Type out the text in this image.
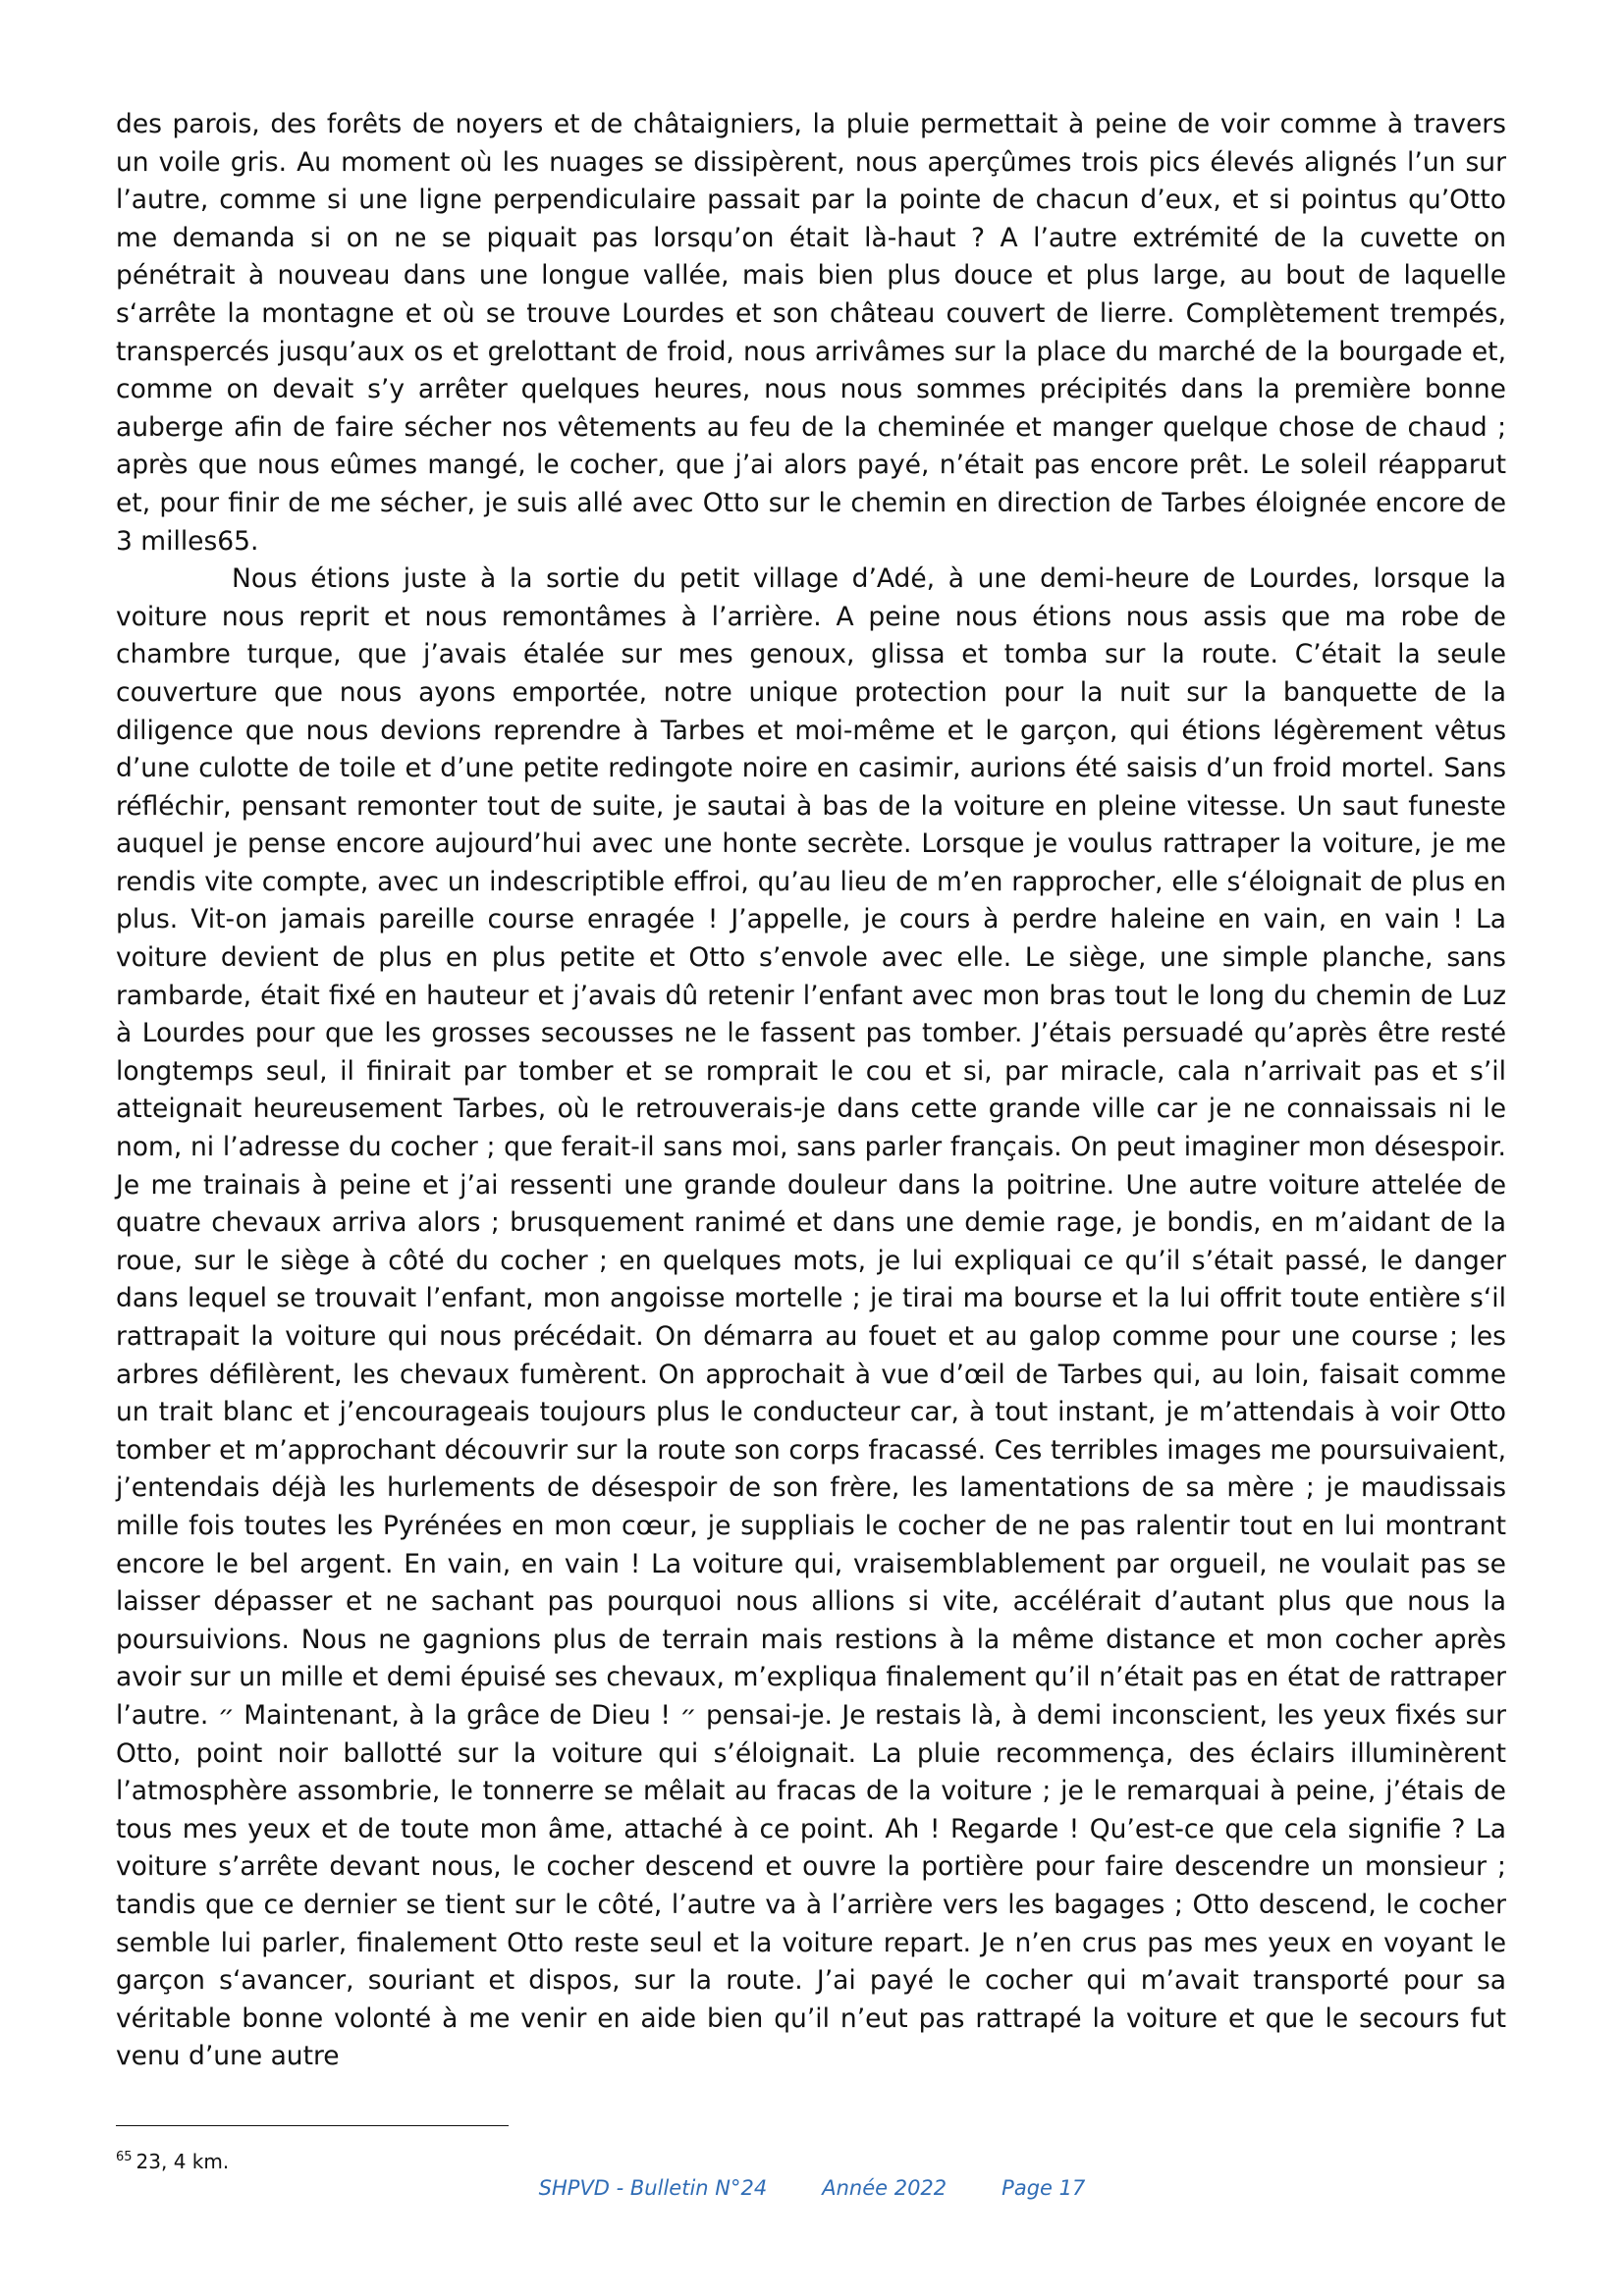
des parois, des forêts de noyers et de châtaigniers, la pluie permettait à peine de voir comme à travers un voile gris. Au moment où les nuages se dissipèrent, nous aperçûmes trois pics élevés alignés l’un sur l’autre, comme si une ligne perpendiculaire passait par la pointe de chacun d’eux, et si pointus qu’Otto me demanda si on ne se piquait pas lorsqu’on était là-haut ? A l’autre extrémité de la cuvette on pénétrait à nouveau dans une longue vallée, mais bien plus douce et plus large, au bout de laquelle s‘arrête la montagne et où se trouve Lourdes et son château couvert de lierre. Complètement trempés, transpercés jusqu’aux os et grelottant de froid, nous arrivâmes sur la place du marché de la bourgade et, comme on devait s’y arrêter quelques heures, nous nous sommes précipités dans la première bonne auberge afin de faire sécher nos vêtements au feu de la cheminée et manger quelque chose de chaud ; après que nous eûmes mangé, le cocher, que j’ai alors payé, n’était pas encore prêt. Le soleil réapparut et, pour finir de me sécher, je suis allé avec Otto sur le chemin en direction de Tarbes éloignée encore de 3 milles65.

Nous étions juste à la sortie du petit village d’Adé, à une demi-heure de Lourdes, lorsque la voiture nous reprit et nous remontâmes à l’arrière. A peine nous étions nous assis que ma robe de chambre turque, que j’avais étalée sur mes genoux, glissa et tomba sur la route. C’était la seule couverture que nous ayons emportée, notre unique protection pour la nuit sur la banquette de la diligence que nous devions reprendre à Tarbes et moi-même et le garçon, qui étions légèrement vêtus d’une culotte de toile et d’une petite redingote noire en casimir, aurions été saisis d’un froid mortel. Sans réfléchir, pensant remonter tout de suite, je sautai à bas de la voiture en pleine vitesse. Un saut funeste auquel je pense encore aujourd’hui avec une honte secrète. Lorsque je voulus rattraper la voiture, je me rendis vite compte, avec un indescriptible effroi, qu’au lieu de m’en rapprocher, elle s‘éloignait de plus en plus. Vit-on jamais pareille course enragée ! J’appelle, je cours à perdre haleine en vain, en vain ! La voiture devient de plus en plus petite et Otto s’envole avec elle. Le siège, une simple planche, sans rambarde, était fixé en hauteur et j’avais dû retenir l’enfant avec mon bras tout le long du chemin de Luz à Lourdes pour que les grosses secousses ne le fassent pas tomber. J’étais persuadé qu’après être resté longtemps seul, il finirait par tomber et se romprait le cou et si, par miracle, cala n’arrivait pas et s’il atteignait heureusement Tarbes, où le retrouverais-je dans cette grande ville car je ne connaissais ni le nom, ni l’adresse du cocher ; que ferait-il sans moi, sans parler français. On peut imaginer mon désespoir. Je me trainais à peine et j’ai ressenti une grande douleur dans la poitrine. Une autre voiture attelée de quatre chevaux arriva alors ; brusquement ranimé et dans une demie rage, je bondis, en m’aidant de la roue, sur le siège à côté du cocher ; en quelques mots, je lui expliquai ce qu’il s’était passé, le danger dans lequel se trouvait l’enfant, mon angoisse mortelle ; je tirai ma bourse et la lui offrit toute entière s‘il rattrapait la voiture qui nous précédait. On démarra au fouet et au galop comme pour une course ; les arbres défilèrent, les chevaux fumèrent. On approchait à vue d’œil de Tarbes qui, au loin, faisait comme un trait blanc et j’encourageais toujours plus le conducteur car, à tout instant, je m’attendais à voir Otto tomber et m’approchant découvrir sur la route son corps fracassé. Ces terribles images me poursuivaient, j’entendais déjà les hurlements de désespoir de son frère, les lamentations de sa mère ; je maudissais mille fois toutes les Pyrénées en mon cœur, je suppliais le cocher de ne pas ralentir tout en lui montrant encore le bel argent. En vain, en vain ! La voiture qui, vraisemblablement par orgueil, ne voulait pas se laisser dépasser et ne sachant pas pourquoi nous allions si vite, accélérait d’autant plus que nous la poursuivions. Nous ne gagnions plus de terrain mais restions à la même distance et mon cocher après avoir sur un mille et demi épuisé ses chevaux, m’expliqua finalement qu’il n’était pas en état de rattraper l’autre. ״ Maintenant, à la grâce de Dieu ! ״ pensai-je. Je restais là, à demi inconscient, les yeux fixés sur Otto, point noir ballotté sur la voiture qui s’éloignait. La pluie recommença, des éclairs illuminèrent l’atmosphère assombrie, le tonnerre se mêlait au fracas de la voiture ; je le remarquai à peine, j’étais de tous mes yeux et de toute mon âme, attaché à ce point. Ah ! Regarde ! Qu’est-ce que cela signifie ? La voiture s’arrête devant nous, le cocher descend et ouvre la portière pour faire descendre un monsieur ; tandis que ce dernier se tient sur le côté, l’autre va à l’arrière vers les bagages ; Otto descend, le cocher semble lui parler, finalement Otto reste seul et la voiture repart. Je n’en crus pas mes yeux en voyant le garçon s‘avancer, souriant et dispos, sur la route. J’ai payé le cocher qui m’avait transporté pour sa véritable bonne volonté à me venir en aide bien qu’il n’eut pas rattrapé la voiture et que le secours fut venu d’une autre

$^{65}$ 23, 4 km.
SHPVD - Bulletin N°24	Année 2022	Page 17
